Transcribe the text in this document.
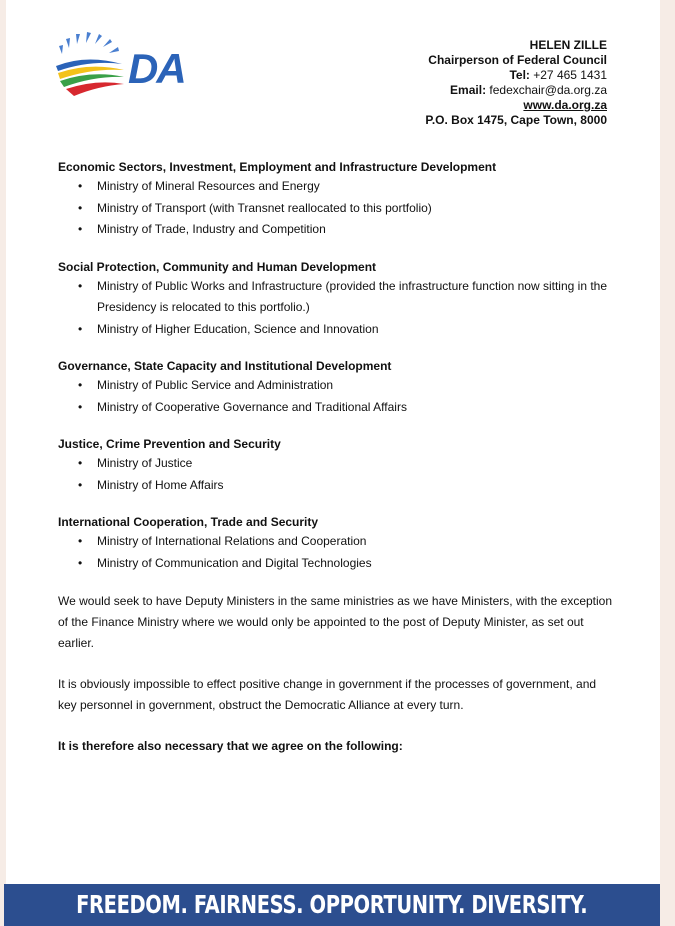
DA	HELEN ZILLE
Chairperson of Federal Council
Tel: +27 465 1431
Email: fedexchair@da.org.za
www.da.org.za
P.O. Box 1475, Cape Town, 8000

Economic Sectors, Investment, Employment and Infrastructure Development

• Ministry of Mineral Resources and Energy
• Ministry of Transport (with Transnet reallocated to this portfolio)
• Ministry of Trade, Industry and Competition

Social Protection, Community and Human Development

• Ministry of Public Works and Infrastructure (provided the infrastructure function now sitting in the Presidency is relocated to this portfolio.)
• Ministry of Higher Education, Science and Innovation

Governance, State Capacity and Institutional Development

• Ministry of Public Service and Administration
• Ministry of Cooperative Governance and Traditional Affairs

Justice, Crime Prevention and Security

• Ministry of Justice
• Ministry of Home Affairs

International Cooperation, Trade and Security

• Ministry of International Relations and Cooperation
• Ministry of Communication and Digital Technologies

We would seek to have Deputy Ministers in the same ministries as we have Ministers, with the exception of the Finance Ministry where we would only be appointed to the post of Deputy Minister, as set out earlier.

It is obviously impossible to effect positive change in government if the processes of government, and key personnel in government, obstruct the Democratic Alliance at every turn.

It is therefore also necessary that we agree on the following:

FREEDOM. FAIRNESS. OPPORTUNITY. DIVERSITY.
